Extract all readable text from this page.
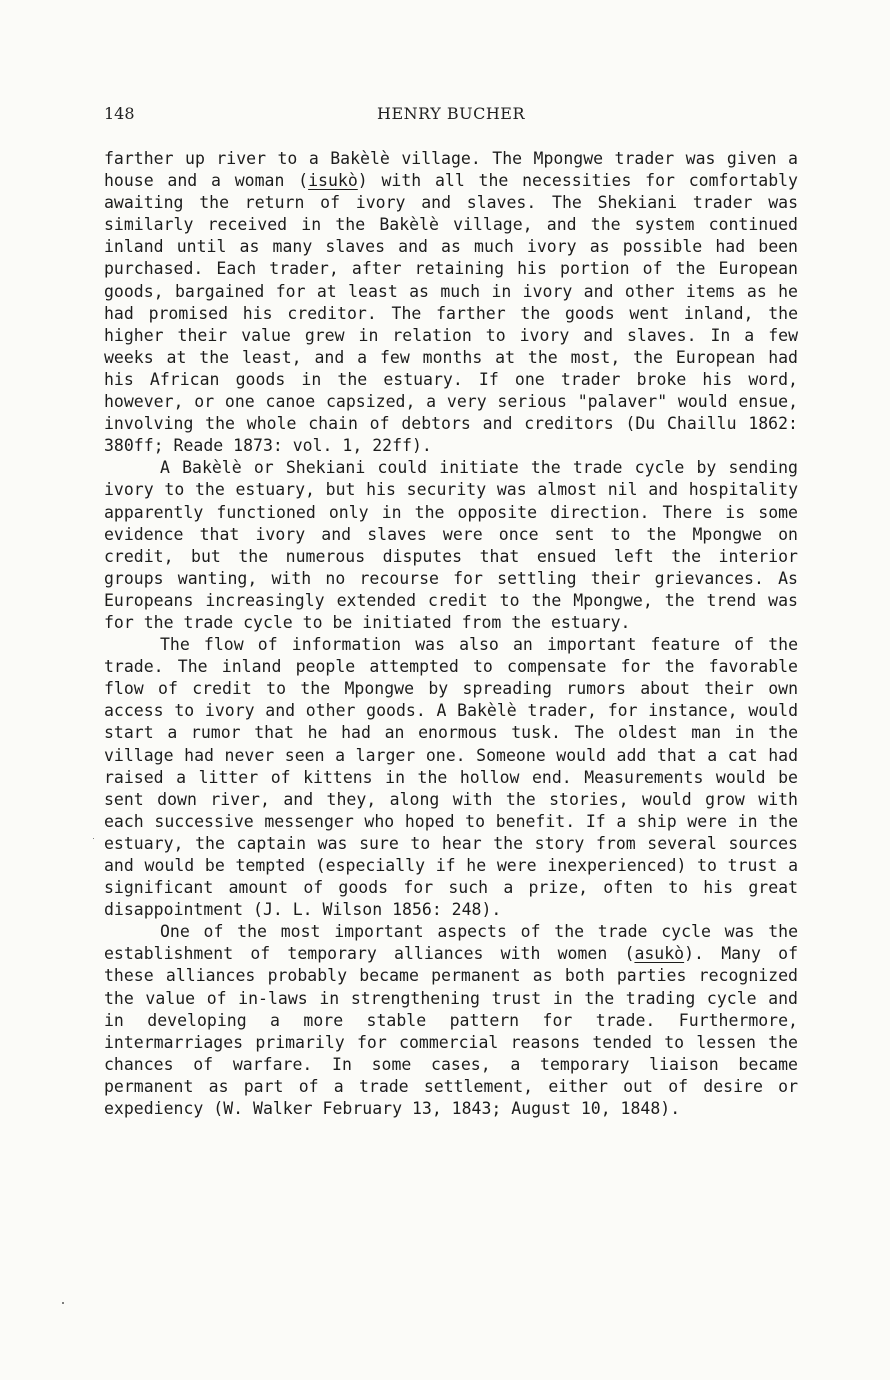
148	HENRY BUCHER

farther up river to a Bakèlè village. The Mpongwe trader was given a house and a woman (isukò) with all the necessities for comfortably awaiting the return of ivory and slaves. The Shekiani trader was similarly received in the Bakèlè village, and the system continued inland until as many slaves and as much ivory as possible had been purchased. Each trader, after retaining his portion of the European goods, bargained for at least as much in ivory and other items as he had promised his creditor. The farther the goods went inland, the higher their value grew in relation to ivory and slaves. In a few weeks at the least, and a few months at the most, the European had his African goods in the estuary. If one trader broke his word, however, or one canoe capsized, a very serious "palaver" would ensue, involving the whole chain of debtors and creditors (Du Chaillu 1862: 380ff; Reade 1873: vol. 1, 22ff).

A Bakèlè or Shekiani could initiate the trade cycle by sending ivory to the estuary, but his security was almost nil and hospitality apparently functioned only in the opposite direction. There is some evidence that ivory and slaves were once sent to the Mpongwe on credit, but the numerous disputes that ensued left the interior groups wanting, with no recourse for settling their grievances. As Europeans increasingly extended credit to the Mpongwe, the trend was for the trade cycle to be initiated from the estuary.

The flow of information was also an important feature of the trade. The inland people attempted to compensate for the favorable flow of credit to the Mpongwe by spreading rumors about their own access to ivory and other goods. A Bakèlè trader, for instance, would start a rumor that he had an enormous tusk. The oldest man in the village had never seen a larger one. Someone would add that a cat had raised a litter of kittens in the hollow end. Measurements would be sent down river, and they, along with the stories, would grow with each successive messenger who hoped to benefit. If a ship were in the estuary, the captain was sure to hear the story from several sources and would be tempted (especially if he were inexperienced) to trust a significant amount of goods for such a prize, often to his great disappointment (J. L. Wilson 1856: 248).

One of the most important aspects of the trade cycle was the establishment of temporary alliances with women (asukò). Many of these alliances probably became permanent as both parties recognized the value of in-laws in strengthening trust in the trading cycle and in developing a more stable pattern for trade. Furthermore, intermarriages primarily for commercial reasons tended to lessen the chances of warfare. In some cases, a temporary liaison became permanent as part of a trade settlement, either out of desire or expediency (W. Walker February 13, 1843; August 10, 1848).
